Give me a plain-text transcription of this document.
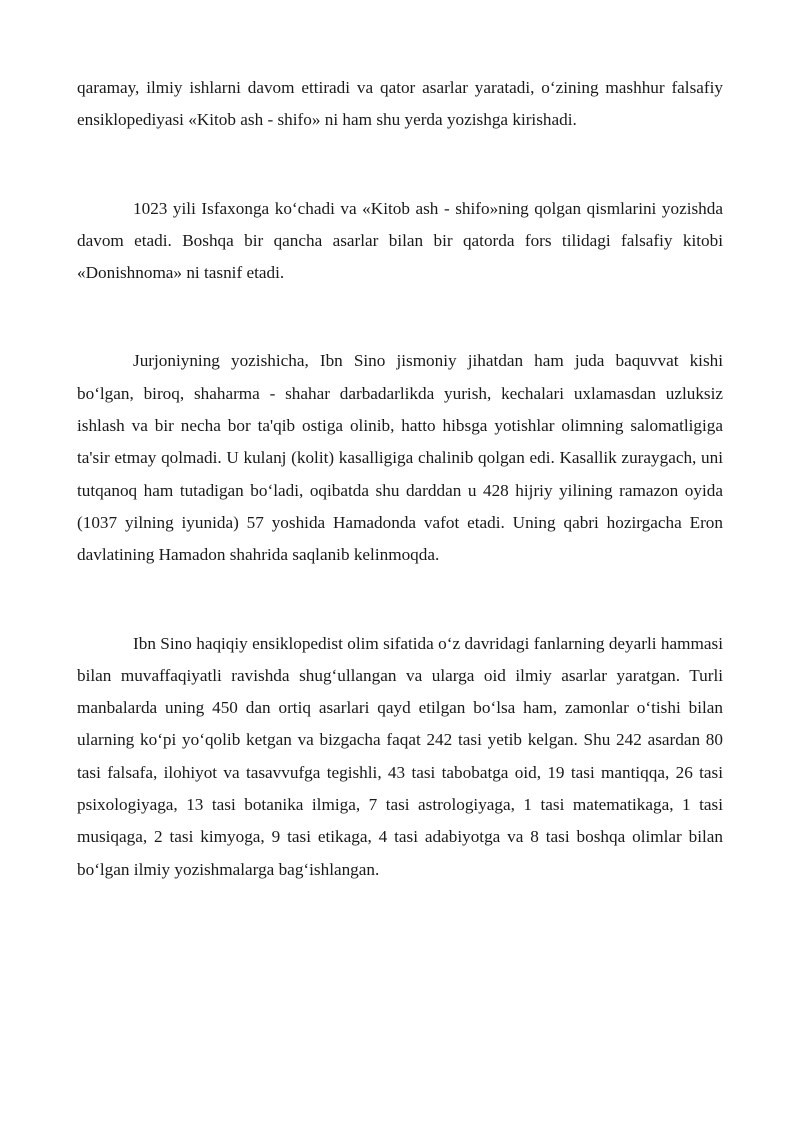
qaramay, ilmiy ishlarni davom ettiradi va qator asarlar yaratadi, o‘zining mashhur falsafiy ensiklopediyasi «Kitob ash - shifo» ni ham shu yerda yozishga kirishadi.

1023 yili Isfaxonga ko‘chadi va «Kitob ash - shifo»ning qolgan qismlarini yozishda davom etadi. Boshqa bir qancha asarlar bilan bir qatorda fors tilidagi falsafiy kitobi «Donishnoma» ni tasnif etadi.

Jurjoniyning yozishicha, Ibn Sino jismoniy jihatdan ham juda baquvvat kishi bo‘lgan, biroq, shaharma - shahar darbadarlikda yurish, kechalari uxlamasdan uzluksiz ishlash va bir necha bor ta'qib ostiga olinib, hatto hibsga yotishlar olimning salomatligiga ta'sir etmay qolmadi. U kulanj (kolit) kasalligiga chalinib qolgan edi. Kasallik zuraygach, uni tutqanoq ham tutadigan bo‘ladi, oqibatda shu darddan u 428 hijriy yilining ramazon oyida (1037 yilning iyunida) 57 yoshida Hamadonda vafot etadi. Uning qabri hozirgacha Eron davlatining Hamadon shahrida saqlanib kelinmoqda.

Ibn Sino haqiqiy ensiklopedist olim sifatida o‘z davridagi fanlarning deyarli hammasi bilan muvaffaqiyatli ravishda shug‘ullangan va ularga oid ilmiy asarlar yaratgan. Turli manbalarda uning 450 dan ortiq asarlari qayd etilgan bo‘lsa ham, zamonlar o‘tishi bilan ularning ko‘pi yo‘qolib ketgan va bizgacha faqat 242 tasi yetib kelgan. Shu 242 asardan 80 tasi falsafa, ilohiyot va tasavvufga tegishli, 43 tasi tabobatga oid, 19 tasi mantiqqa, 26 tasi psixologiyaga, 13 tasi botanika ilmiga, 7 tasi astrologiyaga, 1 tasi matematikaga, 1 tasi musiqaga, 2 tasi kimyoga, 9 tasi etikaga, 4 tasi adabiyotga va 8 tasi boshqa olimlar bilan bo‘lgan ilmiy yozishmalarga bag‘ishlangan.
